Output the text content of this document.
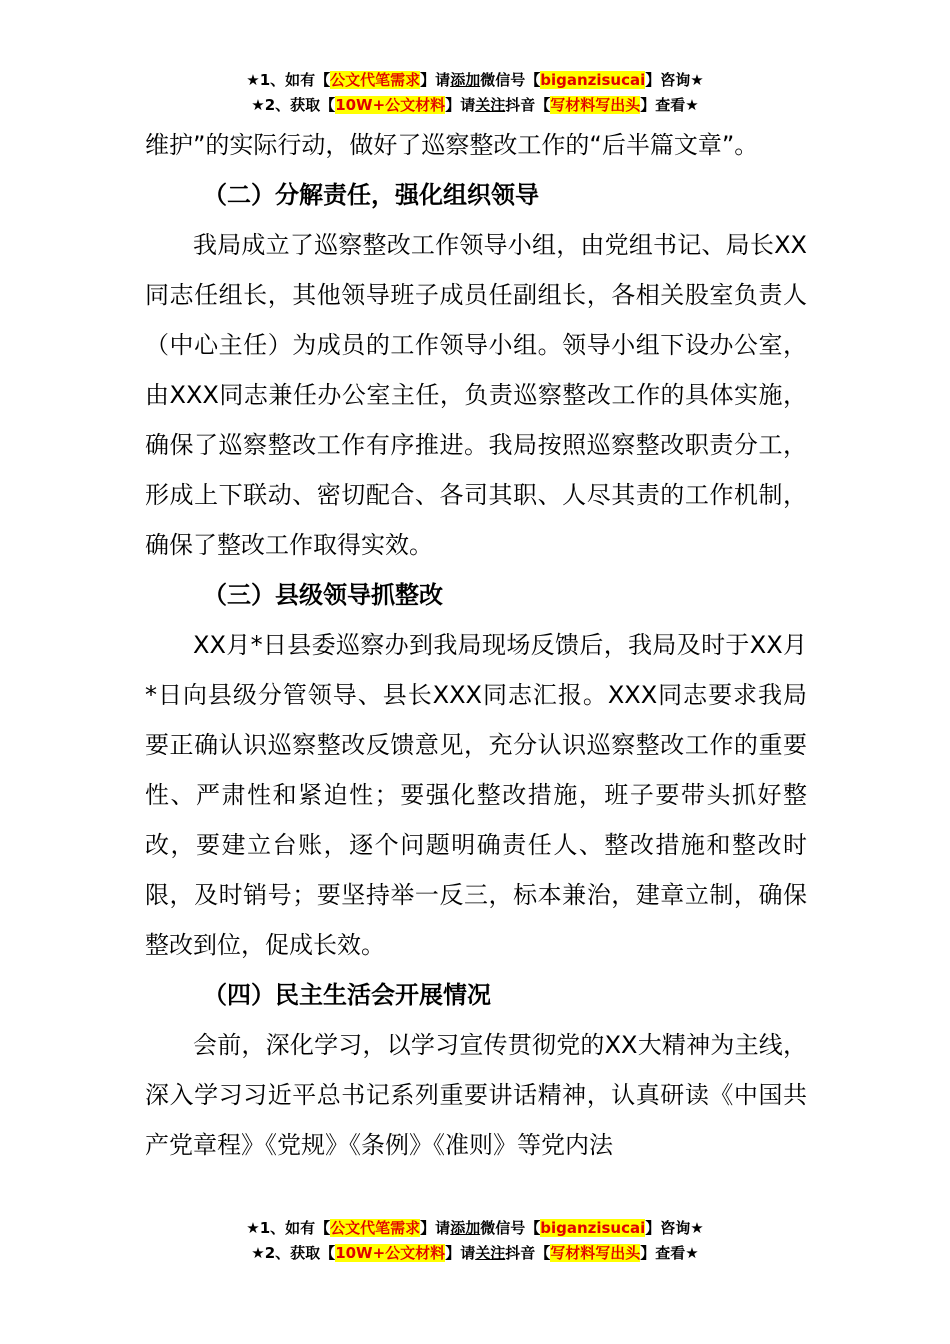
★1、如有【公文代笔需求】请添加微信号【biganzisucai】咨询★
★2、获取【10W+公文材料】请关注抖音【写材料写出头】查看★

维护”的实际行动，做好了巡察整改工作的“后半篇文章”。

（二）分解责任，强化组织领导

我局成立了巡察整改工作领导小组，由党组书记、局长XX同志任组长，其他领导班子成员任副组长，各相关股室负责人（中心主任）为成员的工作领导小组。领导小组下设办公室，由XXX同志兼任办公室主任，负责巡察整改工作的具体实施，确保了巡察整改工作有序推进。我局按照巡察整改职责分工，形成上下联动、密切配合、各司其职、人尽其责的工作机制，确保了整改工作取得实效。

（三）县级领导抓整改

XX月*日县委巡察办到我局现场反馈后，我局及时于XX月*日向县级分管领导、县长XXX同志汇报。XXX同志要求我局要正确认识巡察整改反馈意见，充分认识巡察整改工作的重要性、严肃性和紧迫性；要强化整改措施，班子要带头抓好整改，要建立台账，逐个问题明确责任人、整改措施和整改时限，及时销号；要坚持举一反三，标本兼治，建章立制，确保整改到位，促成长效。

（四）民主生活会开展情况

会前，深化学习，以学习宣传贯彻党的XX大精神为主线，深入学习习近平总书记系列重要讲话精神，认真研读《中国共产党章程》《党规》《条例》《准则》等党内法

★1、如有【公文代笔需求】请添加微信号【biganzisucai】咨询★
★2、获取【10W+公文材料】请关注抖音【写材料写出头】查看★
